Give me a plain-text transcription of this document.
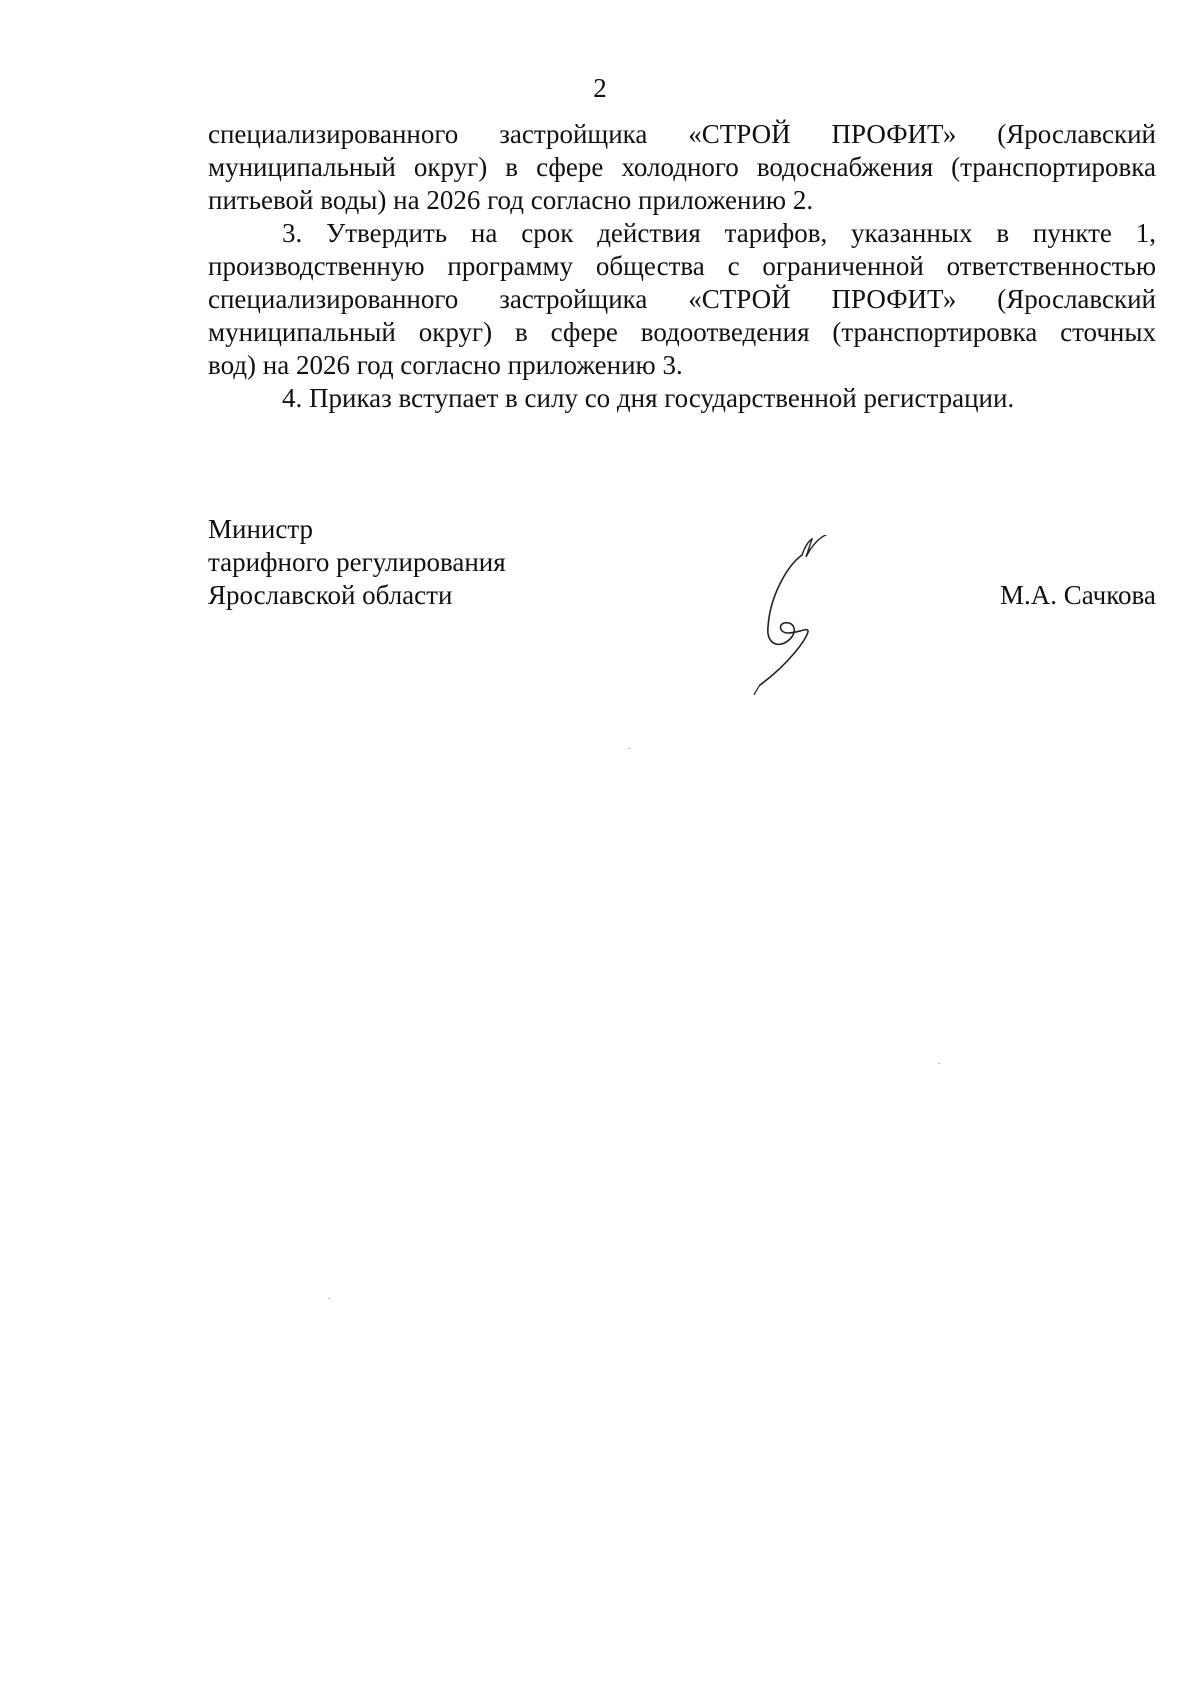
2
специализированного застройщика «СТРОЙ ПРОФИТ» (Ярославский
муниципальный округ) в сфере холодного водоснабжения (транспортировка
питьевой воды) на 2026 год согласно приложению 2.
3. Утвердить на срок действия тарифов, указанных в пункте 1,
производственную программу общества с ограниченной ответственностью
специализированного застройщика «СТРОЙ ПРОФИТ» (Ярославский
муниципальный округ) в сфере водоотведения (транспортировка сточных
вод) на 2026 год согласно приложению 3.
4. Приказ вступает в силу со дня государственной регистрации.
Министр
тарифного регулирования
Ярославской области	М.А. Сачкова
